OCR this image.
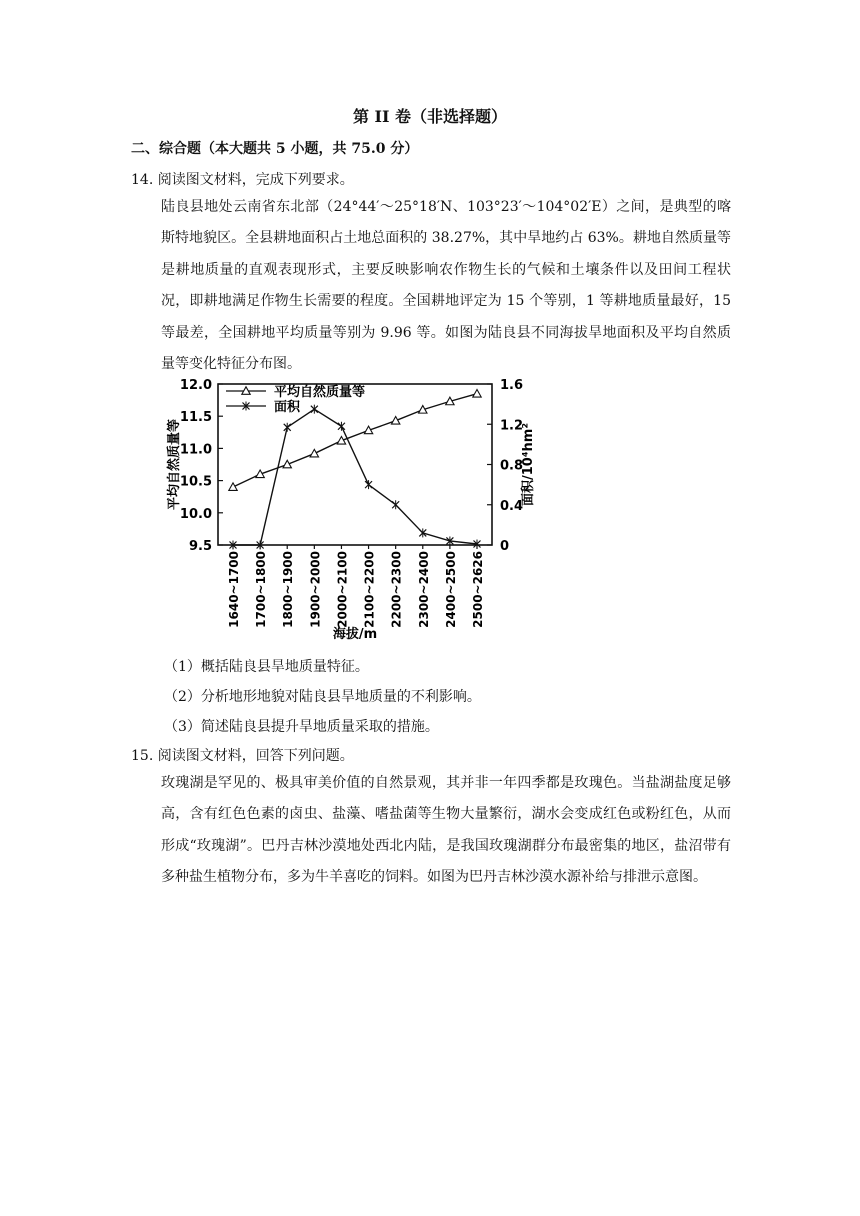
第 II 卷（非选择题）
二、综合题（本大题共 5 小题，共 75.0 分）
14. 阅读图文材料，完成下列要求。
陆良县地处云南省东北部（24°44′～25°18′N、103°23′～104°02′E）之间，是典型的喀斯特地貌区。全县耕地面积占土地总面积的 38.27%，其中旱地约占 63%。耕地自然质量等是耕地质量的直观表现形式，主要反映影响农作物生长的气候和土壤条件以及田间工程状况，即耕地满足作物生长需要的程度。全国耕地评定为 15 个等别，1 等耕地质量最好，15 等最差，全国耕地平均质量等别为 9.96 等。如图为陆良县不同海拔旱地面积及平均自然质量等变化特征分布图。
12.0
11.5
11.0
10.5
10.0
9.5
1.6
1.2
0.8
0.4
0
1640~1700 1700~1800 1800~1900 1900~2000 2000~2100 2100~2200 2200~2300 2300~2400 2400~2500 2500~2626
海拔/m
平均自然质量等	面积/10⁴hm²
平均自然质量等
面积
（1）概括陆良县旱地质量特征。
（2）分析地形地貌对陆良县旱地质量的不利影响。
（3）简述陆良县提升旱地质量采取的措施。
15. 阅读图文材料，回答下列问题。
玫瑰湖是罕见的、极具审美价值的自然景观，其并非一年四季都是玫瑰色。当盐湖盐度足够高，含有红色色素的卤虫、盐藻、嗜盐菌等生物大量繁衍，湖水会变成红色或粉红色，从而形成“玫瑰湖”。巴丹吉林沙漠地处西北内陆，是我国玫瑰湖群分布最密集的地区，盐沼带有多种盐生植物分布，多为牛羊喜吃的饲料。如图为巴丹吉林沙漠水源补给与排泄示意图。
